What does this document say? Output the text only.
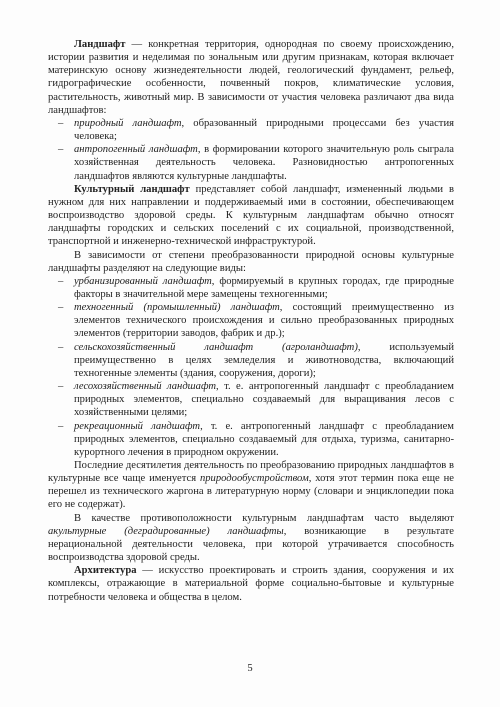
Ландшафт — конкретная территория, однородная по своему происхождению, истории развития и неделимая по зональным или другим признакам, которая включает материнскую основу жизнедеятельности людей, геологический фундамент, рельеф, гидрографические особенности, почвенный покров, климатические условия, растительность, животный мир. В зависимости от участия человека различают два вида ландшафтов:

– природный ландшафт, образованный природными процессами без участия человека;

– антропогенный ландшафт, в формировании которого значительную роль сыграла хозяйственная деятельность человека. Разновидностью антропогенных ландшафтов являются культурные ландшафты.

Культурный ландшафт представляет собой ландшафт, измененный людьми в нужном для них направлении и поддерживаемый ими в состоянии, обеспечивающем воспроизводство здоровой среды. К культурным ландшафтам обычно относят ландшафты городских и сельских поселений с их социальной, производственной, транспортной и инженерно-технической инфраструктурой.

В зависимости от степени преобразованности природной основы культурные ландшафты разделяют на следующие виды:

– урбанизированный ландшафт, формируемый в крупных городах, где природные факторы в значительной мере замещены техногенными;

– техногенный (промышленный) ландшафт, состоящий преимущественно из элементов технического происхождения и сильно преобразованных природных элементов (территории заводов, фабрик и др.);

– сельскохозяйственный ландшафт (агроландшафт), используемый преимущественно в целях земледелия и животноводства, включающий техногенные элементы (здания, сооружения, дороги);

– лесохозяйственный ландшафт, т. е. антропогенный ландшафт с преобладанием природных элементов, специально создаваемый для выращивания лесов с хозяйственными целями;

– рекреационный ландшафт, т. е. антропогенный ландшафт с преобладанием природных элементов, специально создаваемый для отдыха, туризма, санитарно-курортного лечения в природном окружении.

Последние десятилетия деятельность по преобразованию природных ландшафтов в культурные все чаще именуется природообустройством, хотя этот термин пока еще не перешел из технического жаргона в литературную норму (словари и энциклопедии пока его не содержат).

В качестве противоположности культурным ландшафтам часто выделяют акультурные (деградированные) ландшафты, возникающие в результате нерациональной деятельности человека, при которой утрачивается способность воспроизводства здоровой среды.

Архитектура — искусство проектировать и строить здания, сооружения и их комплексы, отражающие в материальной форме социально-бытовые и культурные потребности человека и общества в целом.

5
